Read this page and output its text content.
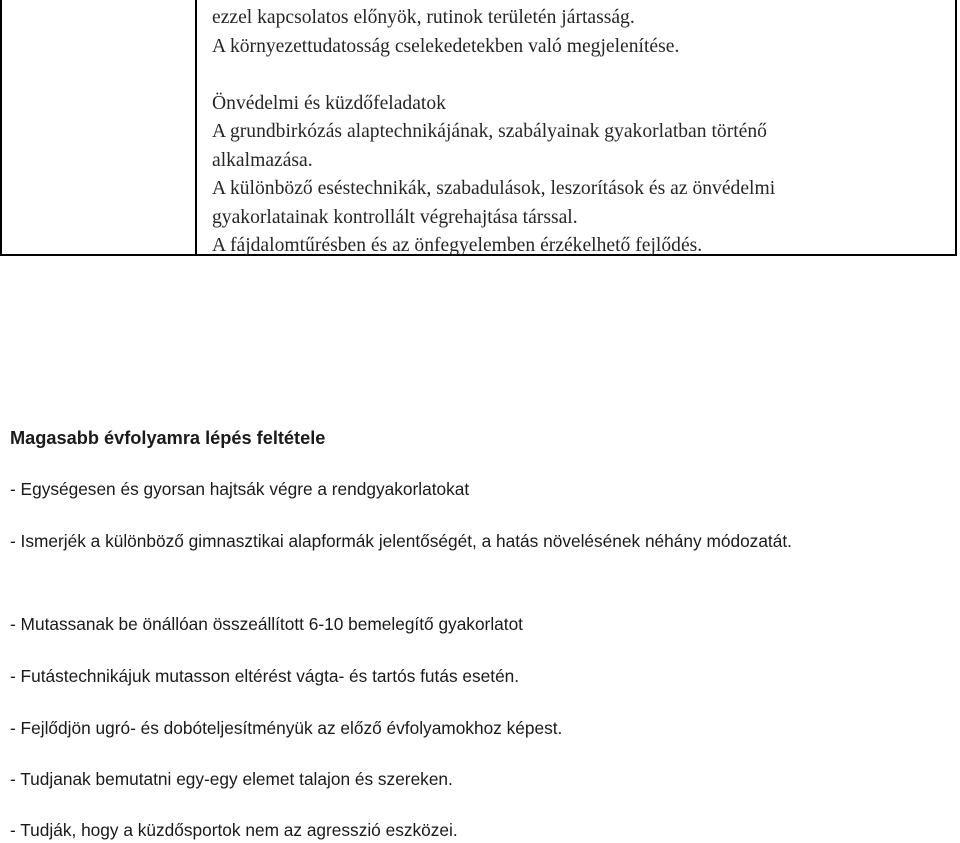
ezzel kapcsolatos előnyök, rutinok területén jártasság.
A környezettudatosság cselekedetekben való megjelenítése.
Önvédelmi és küzdőfeladatok
A grundbirkózás alaptechnikájának, szabályainak gyakorlatban történő
alkalmazása.
A különböző eséstechnikák, szabadulások, leszorítások és az önvédelmi
gyakorlatainak kontrollált végrehajtása társsal.
A fájdalomtűrésben és az önfegyelemben érzékelhető fejlődés.
Magasabb évfolyamra lépés feltétele

- Egységesen és gyorsan hajtsák végre a rendgyakorlatokat

- Ismerjék a különböző gimnasztikai alapformák jelentőségét, a hatás növelésének néhány módozatát.

- Mutassanak be önállóan összeállított 6-10 bemelegítő gyakorlatot

- Futástechnikájuk mutasson eltérést vágta- és tartós futás esetén.

- Fejlődjön ugró- és dobóteljesítményük az előző évfolyamokhoz képest.

- Tudjanak bemutatni egy-egy elemet talajon és szereken.

- Tudják, hogy a küzdősportok nem az agresszió eszközei.
